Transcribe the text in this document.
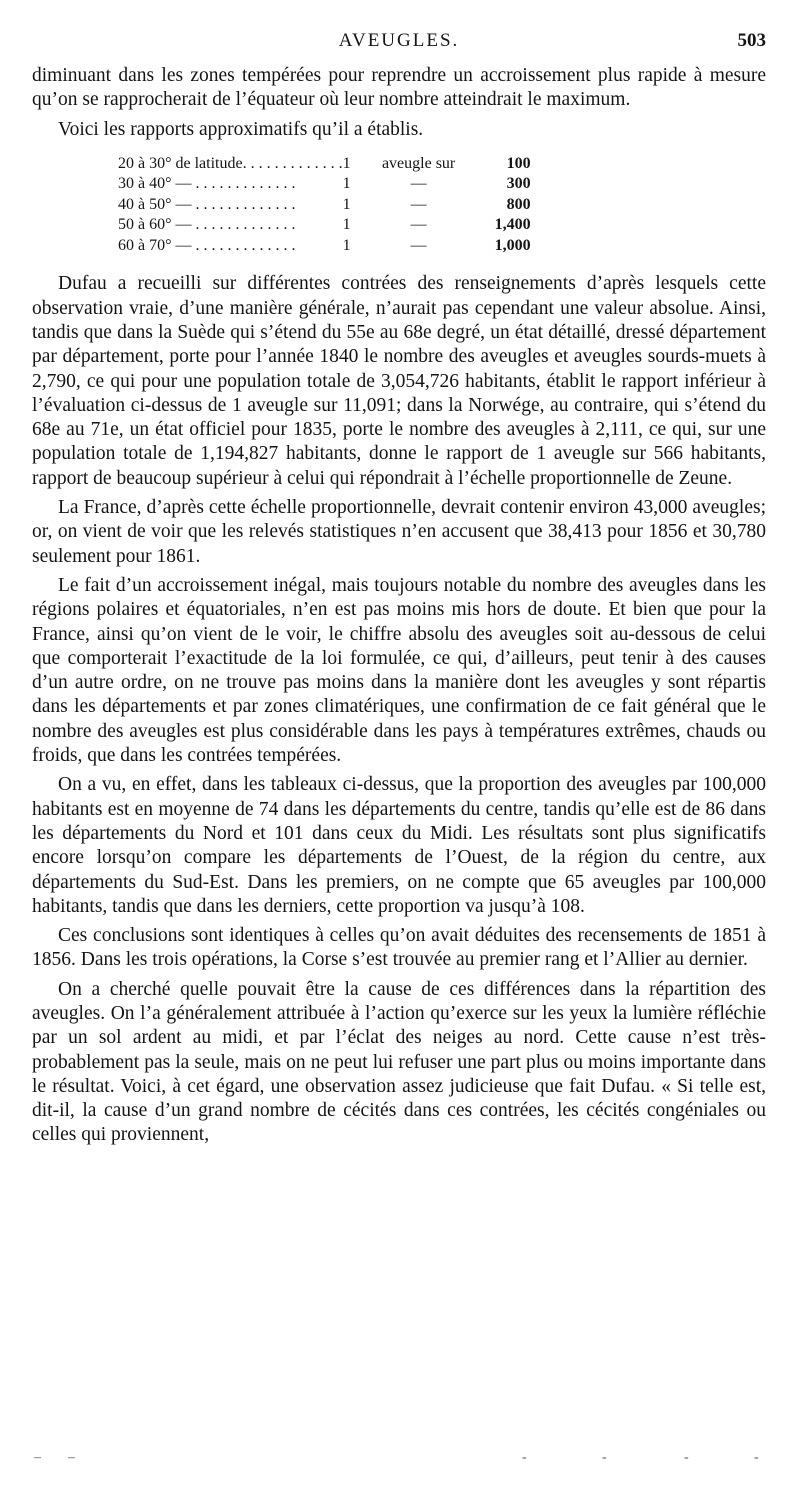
AVEUGLES.	503

diminuant dans les zones tempérées pour reprendre un accroissement plus rapide à mesure qu’on se rapprocherait de l’équateur où leur nombre atteindrait le maximum.

Voici les rapports approximatifs qu’il a établis.

20 à 30° de latitude. . . . . . . . . . . . .	1	aveugle sur	100
30 à 40° — . . . . . . . . . . . . .	1	—	300
40 à 50° — . . . . . . . . . . . . .	1	—	800
50 à 60° — . . . . . . . . . . . . .	1	—	1,400
60 à 70° — . . . . . . . . . . . . .	1	—	1,000

Dufau a recueilli sur différentes contrées des renseignements d’après lesquels cette observation vraie, d’une manière générale, n’aurait pas cependant une valeur absolue. Ainsi, tandis que dans la Suède qui s’étend du 55e au 68e degré, un état détaillé, dressé département par département, porte pour l’année 1840 le nombre des aveugles et aveugles sourds-muets à 2,790, ce qui pour une population totale de 3,054,726 habitants, établit le rapport inférieur à l’évaluation ci-dessus de 1 aveugle sur 11,091; dans la Norwége, au contraire, qui s’étend du 68e au 71e, un état officiel pour 1835, porte le nombre des aveugles à 2,111, ce qui, sur une population totale de 1,194,827 habitants, donne le rapport de 1 aveugle sur 566 habitants, rapport de beaucoup supérieur à celui qui répondrait à l’échelle proportionnelle de Zeune.

La France, d’après cette échelle proportionnelle, devrait contenir environ 43,000 aveugles; or, on vient de voir que les relevés statistiques n’en accusent que 38,413 pour 1856 et 30,780 seulement pour 1861.

Le fait d’un accroissement inégal, mais toujours notable du nombre des aveugles dans les régions polaires et équatoriales, n’en est pas moins mis hors de doute. Et bien que pour la France, ainsi qu’on vient de le voir, le chiffre absolu des aveugles soit au-dessous de celui que comporterait l’exactitude de la loi formulée, ce qui, d’ailleurs, peut tenir à des causes d’un autre ordre, on ne trouve pas moins dans la manière dont les aveugles y sont répartis dans les départements et par zones climatériques, une confirmation de ce fait général que le nombre des aveugles est plus considérable dans les pays à températures extrêmes, chauds ou froids, que dans les contrées tempérées.

On a vu, en effet, dans les tableaux ci-dessus, que la proportion des aveugles par 100,000 habitants est en moyenne de 74 dans les départements du centre, tandis qu’elle est de 86 dans les départements du Nord et 101 dans ceux du Midi. Les résultats sont plus significatifs encore lorsqu’on compare les départements de l’Ouest, de la région du centre, aux départements du Sud-Est. Dans les premiers, on ne compte que 65 aveugles par 100,000 habitants, tandis que dans les derniers, cette proportion va jusqu’à 108.

Ces conclusions sont identiques à celles qu’on avait déduites des recensements de 1851 à 1856. Dans les trois opérations, la Corse s’est trouvée au premier rang et l’Allier au dernier.

On a cherché quelle pouvait être la cause de ces différences dans la répartition des aveugles. On l’a généralement attribuée à l’action qu’exerce sur les yeux la lumière réfléchie par un sol ardent au midi, et par l’éclat des neiges au nord. Cette cause n’est très-probablement pas la seule, mais on ne peut lui refuser une part plus ou moins importante dans le résultat. Voici, à cet égard, une observation assez judicieuse que fait Dufau. « Si telle est, dit-il, la cause d’un grand nombre de cécités dans ces contrées, les cécités congéniales ou celles qui proviennent,

– –	-	-	-	-
